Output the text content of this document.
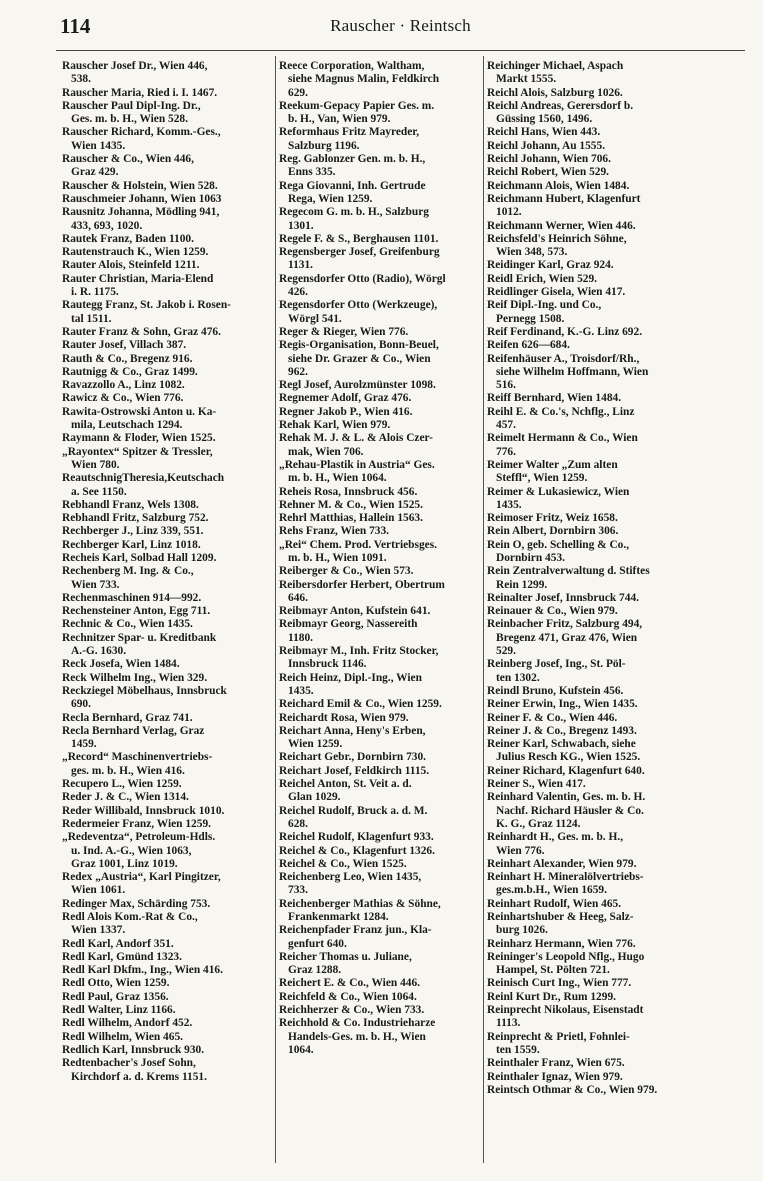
114	Rauscher · Reintsch

Rauscher Josef Dr., Wien 446,
538.

Rauscher Maria, Ried i. I. 1467.

Rauscher Paul Dipl-Ing. Dr.,
Ges. m. b. H., Wien 528.

Rauscher Richard, Komm.-Ges.,
Wien 1435.

Rauscher & Co., Wien 446,
Graz 429.

Rauscher & Holstein, Wien 528.

Rauschmeier Johann, Wien 1063

Rausnitz Johanna, Mödling 941,
433, 693, 1020.

Rautek Franz, Baden 1100.

Rautenstrauch K., Wien 1259.

Rauter Alois, Steinfeld 1211.

Rauter Christian, Maria-Elend
i. R. 1175.

Rautegg Franz, St. Jakob i. Rosen-
tal 1511.

Rauter Franz & Sohn, Graz 476.

Rauter Josef, Villach 387.

Rauth & Co., Bregenz 916.

Rautnigg & Co., Graz 1499.

Ravazzollo A., Linz 1082.

Rawicz & Co., Wien 776.

Rawita-Ostrowski Anton u. Ka-
mila, Leutschach 1294.

Raymann & Floder, Wien 1525.

„Rayontex“ Spitzer & Tressler,
Wien 780.

ReautschnigTheresia,Keutschach
a. See 1150.

Rebhandl Franz, Wels 1308.

Rebhandl Fritz, Salzburg 752.

Rechberger J., Linz 339, 551.

Rechberger Karl, Linz 1018.

Recheis Karl, Solbad Hall 1209.

Rechenberg M. Ing. & Co.,
Wien 733.

Rechenmaschinen 914—992.

Rechensteiner Anton, Egg 711.

Rechnic & Co., Wien 1435.

Rechnitzer Spar- u. Kreditbank
A.-G. 1630.

Reck Josefa, Wien 1484.

Reck Wilhelm Ing., Wien 329.

Reckziegel Möbelhaus, Innsbruck
690.

Recla Bernhard, Graz 741.

Recla Bernhard Verlag, Graz
1459.

„Record“ Maschinenvertriebs-
ges. m. b. H., Wien 416.

Recupero L., Wien 1259.

Reder J. & C., Wien 1314.

Reder Willibald, Innsbruck 1010.

Redermeier Franz, Wien 1259.

„Redeventza“, Petroleum-Hdls.
u. Ind. A.-G., Wien 1063,
Graz 1001, Linz 1019.

Redex „Austria“, Karl Pingitzer,
Wien 1061.

Redinger Max, Schärding 753.

Redl Alois Kom.-Rat & Co.,
Wien 1337.

Redl Karl, Andorf 351.

Redl Karl, Gmünd 1323.

Redl Karl Dkfm., Ing., Wien 416.

Redl Otto, Wien 1259.

Redl Paul, Graz 1356.

Redl Walter, Linz 1166.

Redl Wilhelm, Andorf 452.

Redl Wilhelm, Wien 465.

Redlich Karl, Innsbruck 930.

Redtenbacher's Josef Sohn,
Kirchdorf a. d. Krems 1151.

Reece Corporation, Waltham,
siehe Magnus Malin, Feldkirch
629.

Reekum-Gepacy Papier Ges. m.
b. H., Van, Wien 979.

Reformhaus Fritz Mayreder,
Salzburg 1196.

Reg. Gablonzer Gen. m. b. H.,
Enns 335.

Rega Giovanni, Inh. Gertrude
Rega, Wien 1259.

Regecom G. m. b. H., Salzburg
1301.

Regele F. & S., Berghausen 1101.

Regensberger Josef, Greifenburg
1131.

Regensdorfer Otto (Radio), Wörgl
426.

Regensdorfer Otto (Werkzeuge),
Wörgl 541.

Reger & Rieger, Wien 776.

Regis-Organisation, Bonn-Beuel,
siehe Dr. Grazer & Co., Wien
962.

Regl Josef, Aurolzmünster 1098.

Regnemer Adolf, Graz 476.

Regner Jakob P., Wien 416.

Rehak Karl, Wien 979.

Rehak M. J. & L. & Alois Czer-
mak, Wien 706.

„Rehau-Plastik in Austria“ Ges.
m. b. H., Wien 1064.

Reheis Rosa, Innsbruck 456.

Rehner M. & Co., Wien 1525.

Rehrl Matthias, Hallein 1563.

Rehs Franz, Wien 733.

„Rei“ Chem. Prod. Vertriebsges.
m. b. H., Wien 1091.

Reiberger & Co., Wien 573.

Reibersdorfer Herbert, Obertrum
646.

Reibmayr Anton, Kufstein 641.

Reibmayr Georg, Nassereith
1180.

Reibmayr M., Inh. Fritz Stocker,
Innsbruck 1146.

Reich Heinz, Dipl.-Ing., Wien
1435.

Reichard Emil & Co., Wien 1259.

Reichardt Rosa, Wien 979.

Reichart Anna, Heny's Erben,
Wien 1259.

Reichart Gebr., Dornbirn 730.

Reichart Josef, Feldkirch 1115.

Reichel Anton, St. Veit a. d.
Glan 1029.

Reichel Rudolf, Bruck a. d. M.
628.

Reichel Rudolf, Klagenfurt 933.

Reichel & Co., Klagenfurt 1326.

Reichel & Co., Wien 1525.

Reichenberg Leo, Wien 1435,
733.

Reichenberger Mathias & Söhne,
Frankenmarkt 1284.

Reichenpfader Franz jun., Kla-
genfurt 640.

Reicher Thomas u. Juliane,
Graz 1288.

Reichert E. & Co., Wien 446.

Reichfeld & Co., Wien 1064.

Reichherzer & Co., Wien 733.

Reichhold & Co. Industrieharze
Handels-Ges. m. b. H., Wien
1064.

Reichinger Michael, Aspach
Markt 1555.

Reichl Alois, Salzburg 1026.

Reichl Andreas, Gerersdorf b.
Güssing 1560, 1496.

Reichl Hans, Wien 443.

Reichl Johann, Au 1555.

Reichl Johann, Wien 706.

Reichl Robert, Wien 529.

Reichmann Alois, Wien 1484.

Reichmann Hubert, Klagenfurt
1012.

Reichmann Werner, Wien 446.

Reichsfeld's Heinrich Söhne,
Wien 348, 573.

Reidinger Karl, Graz 924.

Reidl Erich, Wien 529.

Reidlinger Gisela, Wien 417.

Reif Dipl.-Ing. und Co.,
Pernegg 1508.

Reif Ferdinand, K.-G. Linz 692.

Reifen 626—684.

Reifenhäuser A., Troisdorf/Rh.,
siehe Wilhelm Hoffmann, Wien
516.

Reiff Bernhard, Wien 1484.

Reihl E. & Co.'s, Nchflg., Linz
457.

Reimelt Hermann & Co., Wien
776.

Reimer Walter „Zum alten
Steffl“, Wien 1259.

Reimer & Lukasiewicz, Wien
1435.

Reimoser Fritz, Weiz 1658.

Rein Albert, Dornbirn 306.

Rein O, geb. Schelling & Co.,
Dornbirn 453.

Rein Zentralverwaltung d. Stiftes
Rein 1299.

Reinalter Josef, Innsbruck 744.

Reinauer & Co., Wien 979.

Reinbacher Fritz, Salzburg 494,
Bregenz 471, Graz 476, Wien
529.

Reinberg Josef, Ing., St. Pöl-
ten 1302.

Reindl Bruno, Kufstein 456.

Reiner Erwin, Ing., Wien 1435.

Reiner F. & Co., Wien 446.

Reiner J. & Co., Bregenz 1493.

Reiner Karl, Schwabach, siehe
Julius Resch KG., Wien 1525.

Reiner Richard, Klagenfurt 640.

Reiner S., Wien 417.

Reinhard Valentin, Ges. m. b. H.
Nachf. Richard Häusler & Co.
K. G., Graz 1124.

Reinhardt H., Ges. m. b. H.,
Wien 776.

Reinhart Alexander, Wien 979.

Reinhart H. Mineralölvertriebs-
ges.m.b.H., Wien 1659.

Reinhart Rudolf, Wien 465.

Reinhartshuber & Heeg, Salz-
burg 1026.

Reinharz Hermann, Wien 776.

Reininger's Leopold Nflg., Hugo
Hampel, St. Pölten 721.

Reinisch Curt Ing., Wien 777.

Reinl Kurt Dr., Rum 1299.

Reinprecht Nikolaus, Eisenstadt
1113.

Reinprecht & Prietl, Fohnlei-
ten 1559.

Reinthaler Franz, Wien 675.

Reinthaler Ignaz, Wien 979.

Reintsch Othmar & Co., Wien 979.
